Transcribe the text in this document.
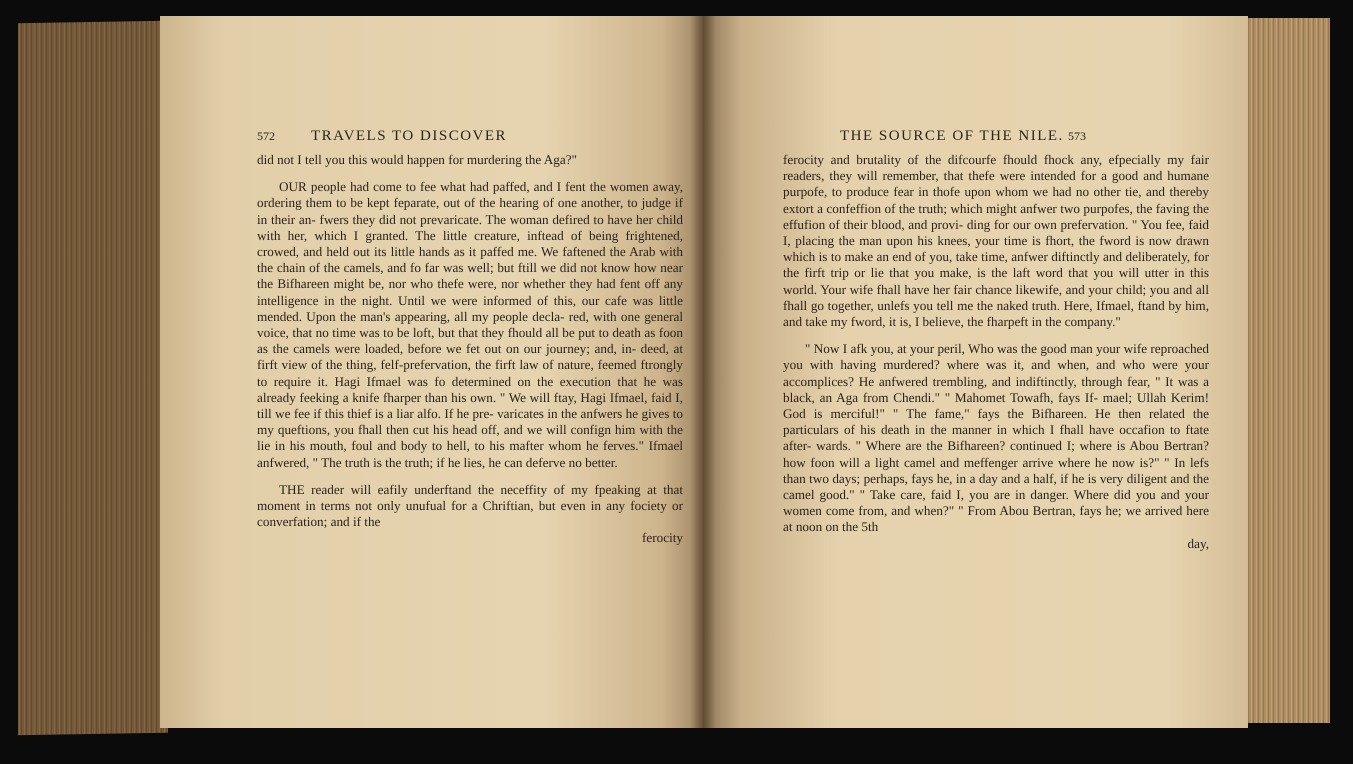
572 TRAVELS TO DISCOVER	THE SOURCE OF THE NILE. 573

did not I tell you this would happen for murdering the Aga?"

OUR people had come to fee what had paffed, and I fent the women away, ordering them to be kept feparate, out of the hearing of one another, to judge if in their an- fwers they did not prevaricate. The woman defired to have her child with her, which I granted. The little creature, inftead of being frightened, crowed, and held out its little hands as it paffed me. We faftened the Arab with the chain of the camels, and fo far was well; but ftill we did not know how near the Bifhareen might be, nor who thefe were, nor whether they had fent off any intelligence in the night. Until we were informed of this, our cafe was little mended. Upon the man's appearing, all my people decla- red, with one general voice, that no time was to be loft, but that they fhould all be put to death as foon as the camels were loaded, before we fet out on our journey; and, in- deed, at firft view of the thing, felf-prefervation, the firft law of nature, feemed ftrongly to require it. Hagi Ifmael was fo determined on the execution that he was already feeking a knife fharper than his own. " We will ftay, Hagi Ifmael, faid I, till we fee if this thief is a liar alfo. If he pre- varicates in the anfwers he gives to my queftions, you fhall then cut his head off, and we will confign him with the lie in his mouth, foul and body to hell, to his mafter whom he ferves." Ifmael anfwered, " The truth is the truth; if he lies, he can deferve no better.

THE reader will eafily underftand the neceffity of my fpeaking at that moment in terms not only unufual for a Chriftian, but even in any fociety or converfation; and if the

ferocity

ferocity and brutality of the difcourfe fhould fhock any, efpecially my fair readers, they will remember, that thefe were intended for a good and humane purpofe, to produce fear in thofe upon whom we had no other tie, and thereby extort a confeffion of the truth; which might anfwer two purpofes, the faving the effufion of their blood, and provi- ding for our own prefervation. " You fee, faid I, placing the man upon his knees, your time is fhort, the fword is now drawn which is to make an end of you, take time, anfwer diftinctly and deliberately, for the firft trip or lie that you make, is the laft word that you will utter in this world. Your wife fhall have her fair chance likewife, and your child; you and all fhall go together, unlefs you tell me the naked truth. Here, Ifmael, ftand by him, and take my fword, it is, I believe, the fharpeft in the company."

" Now I afk you, at your peril, Who was the good man your wife reproached you with having murdered? where was it, and when, and who were your accomplices? He anfwered trembling, and indiftinctly, through fear, " It was a black, an Aga from Chendi." " Mahomet Towafh, fays If- mael; Ullah Kerim! God is merciful!" " The fame," fays the Bifhareen. He then related the particulars of his death in the manner in which I fhall have occafion to ftate after- wards. " Where are the Bifhareen? continued I; where is Abou Bertran? how foon will a light camel and meffenger arrive where he now is?" " In lefs than two days; perhaps, fays he, in a day and a half, if he is very diligent and the camel good." " Take care, faid I, you are in danger. Where did you and your women come from, and when?" " From Abou Bertran, fays he; we arrived here at noon on the 5th

day,
